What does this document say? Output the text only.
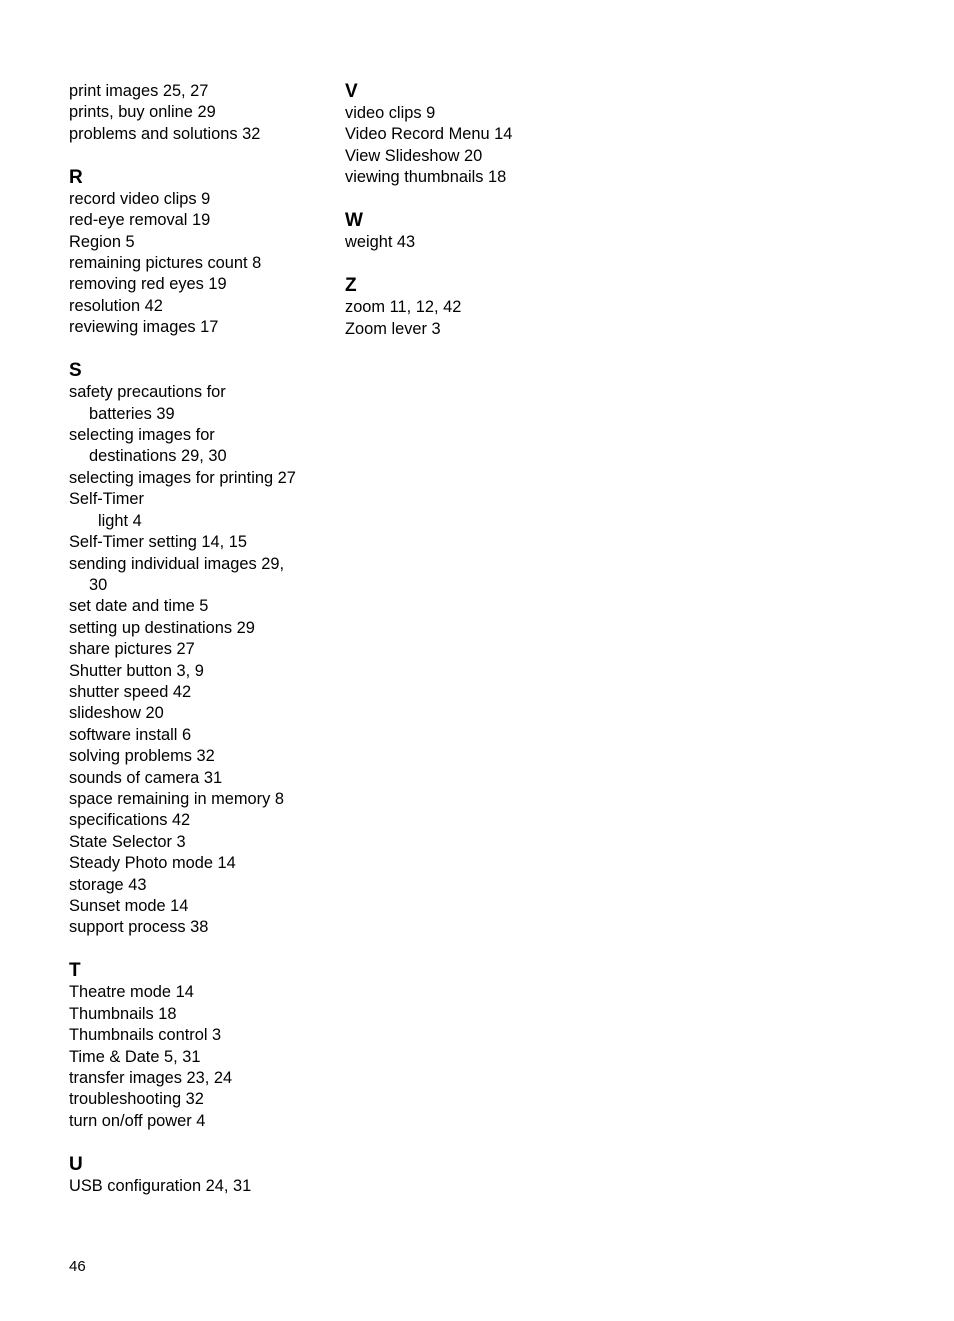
print images 25, 27
prints, buy online 29
problems and solutions 32
R
record video clips 9
red-eye removal 19
Region 5
remaining pictures count 8
removing red eyes 19
resolution 42
reviewing images 17
S
safety precautions for
batteries 39
selecting images for
destinations 29, 30
selecting images for printing 27
Self-Timer
light 4
Self-Timer setting 14, 15
sending individual images 29,
30
set date and time 5
setting up destinations 29
share pictures 27
Shutter button 3, 9
shutter speed 42
slideshow 20
software install 6
solving problems 32
sounds of camera 31
space remaining in memory 8
specifications 42
State Selector 3
Steady Photo mode 14
storage 43
Sunset mode 14
support process 38
T
Theatre mode 14
Thumbnails 18
Thumbnails control 3
Time & Date 5, 31
transfer images 23, 24
troubleshooting 32
turn on/off power 4
U
USB configuration 24, 31
V
video clips 9
Video Record Menu 14
View Slideshow 20
viewing thumbnails 18
W
weight 43
Z
zoom 11, 12, 42
Zoom lever 3
46
